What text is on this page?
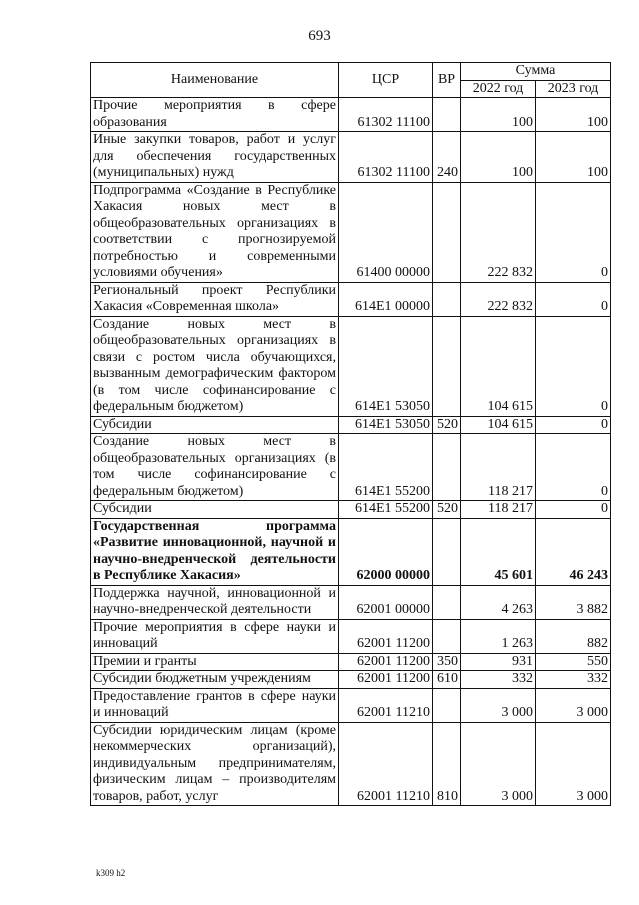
693
Наименование	ЦСР	ВР	Сумма	
			2022 год	2023 год
Прочие мероприятия в сфере образования	61302 11100		100	100
Иные закупки товаров, работ и услуг для обеспечения государственных (муниципальных) нужд	61302 11100	240	100	100
Подпрограмма «Создание в Республике Хакасия новых мест в общеобразовательных организациях в соответствии с прогнозируемой потребностью и современными условиями обучения»	61400 00000		222 832	0
Региональный проект Республики Хакасия «Современная школа»	614E1 00000		222 832	0
Создание новых мест в общеобразовательных организациях в связи с ростом числа обучающихся, вызванным демографическим фактором (в том числе софинансирование с федеральным бюджетом)	614E1 53050		104 615	0
Субсидии	614E1 53050	520	104 615	0
Создание новых мест в общеобразовательных организациях (в том числе софинансирование с федеральным бюджетом)	614E1 55200		118 217	0
Субсидии	614E1 55200	520	118 217	0
Государственная программа «Развитие инновационной, научной и научно-внедренческой деятельности в Республике Хакасия»	62000 00000		45 601	46 243
Поддержка научной, инновационной и научно-внедренческой деятельности	62001 00000		4 263	3 882
Прочие мероприятия в сфере науки и инноваций	62001 11200		1 263	882
Премии и гранты	62001 11200	350	931	550
Субсидии бюджетным учреждениям	62001 11200	610	332	332
Предоставление грантов в сфере науки и инноваций	62001 11210		3 000	3 000
Субсидии юридическим лицам (кроме некоммерческих организаций), индивидуальным предпринимателям, физическим лицам – производителям товаров, работ, услуг	62001 11210	810	3 000	3 000
k309 h2
